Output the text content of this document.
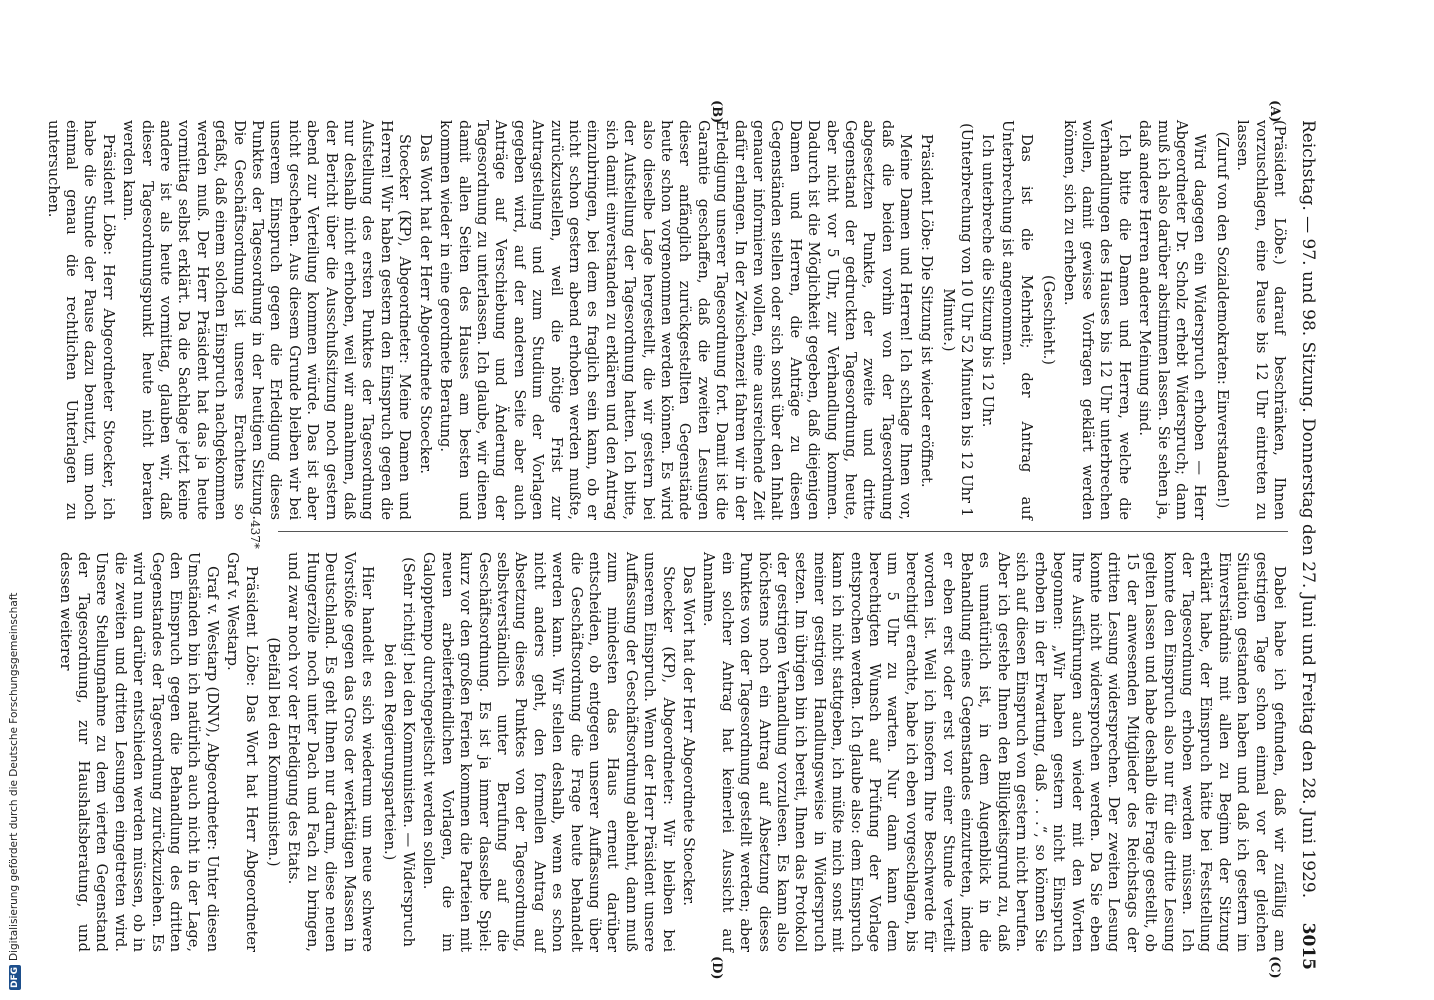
DFGDigitalisierung gefördert durch die Deutsche Forschungsgemeinschaft	Reichstag. — 97. und 98. Sitzung. Donnerstag den 27. Juni und Freitag den 28. Juni 1929.
3015

(Präsident Löbe.) darauf beschränken, Ihnen vorzuschlagen, eine Pause bis 12 Uhr eintreten zu lassen.

(Zuruf von den Sozialdemokraten: Einverstanden!)

Wird dagegen ein Widerspruch erhoben — Herr Abgeordneter Dr. Scholz erhebt Widerspruch; dann muß ich also darüber abstimmen lassen. Sie sehen ja, daß andere Herren anderer Meinung sind.

Ich bitte die Damen und Herren, welche die Verhandlungen des Hauses bis 12 Uhr unterbrechen wollen, damit gewisse Vorfragen geklärt werden können, sich zu erheben.

(Geschieht.)

Das ist die Mehrheit; der Antrag auf Unterbrechung ist angenommen.

Ich unterbreche die Sitzung bis 12 Uhr.

(Unterbrechung von 10 Uhr 52 Minuten bis 12 Uhr 1 Minute.)

Präsident Löbe: Die Sitzung ist wieder eröffnet.

Meine Damen und Herren! Ich schlage Ihnen vor, daß die beiden vorhin von der Tagesordnung abgesetzten Punkte, der zweite und dritte Gegenstand der gedruckten Tagesordnung, heute, aber nicht vor 5 Uhr, zur Verhandlung kommen. Dadurch ist die Möglichkeit gegeben, daß diejenigen Damen und Herren, die Anträge zu diesen Gegenständen stellen oder sich sonst über den Inhalt genauer informieren wollen, eine ausreichende Zeit dafür erlangen. In der Zwischenzeit fahren wir in der Erledigung unserer Tagesordnung fort. Damit ist die Garantie geschaffen, daß die zweiten Lesungen dieser anfänglich zurückgestellten Gegenstände heute schon vorgenommen werden können. Es wird also dieselbe Lage hergestellt, die wir gestern bei der Aufstellung der Tagesordnung hatten. Ich bitte, sich damit einverstanden zu erklären und den Antrag einzubringen, bei dem es fraglich sein kann, ob er nicht schon gestern abend erhoben werden mußte, zurückzustellen, weil die nötige Frist zur Antragstellung und zum Studium der Vorlagen gegeben wird, auf der anderen Seite aber auch Anträge auf Verschiebung und Änderung der Tagesordnung zu unterlassen. Ich glaube, wir dienen damit allen Seiten des Hauses am besten und kommen wieder in eine geordnete Beratung.

Das Wort hat der Herr Abgeordnete Stoecker.

Stoecker (KP), Abgeordneter: Meine Damen und Herren! Wir haben gestern den Einspruch gegen die Aufstellung des ersten Punktes der Tagesordnung nur deshalb nicht erhoben, weil wir annahmen, daß der Bericht über die Ausschußsitzung noch gestern abend zur Verteilung kommen würde. Das ist aber nicht geschehen. Aus diesem Grunde bleiben wir bei unserem Einspruch gegen die Erledigung dieses Punktes der Tagesordnung in der heutigen Sitzung. Die Geschäftsordnung ist unseres Erachtens so gefaßt, daß einem solchen Einspruch nachgekommen werden muß. Der Herr Präsident hat das ja heute vormittag selbst erklärt. Da die Sachlage jetzt keine andere ist als heute vormittag, glauben wir, daß dieser Tagesordnungspunkt heute nicht beraten werden kann.

Präsident Löbe: Herr Abgeordneter Stoecker, ich habe die Stunde der Pause dazu benutzt, um noch einmal genau die rechtlichen Unterlagen zu untersuchen.

Dabei habe ich gefunden, daß wir zufällig am gestrigen Tage schon einmal vor der gleichen Situation gestanden haben und daß ich gestern im Einverständnis mit allen zu Beginn der Sitzung erklärt habe, der Einspruch hätte bei Feststellung der Tagesordnung erhoben werden müssen. Ich konnte den Einspruch also nur für die dritte Lesung gelten lassen und habe deshalb die Frage gestellt, ob 15 der anwesenden Mitglieder des Reichstags der dritten Lesung widersprechen. Der zweiten Lesung konnte nicht widersprochen werden. Da Sie eben Ihre Ausführungen auch wieder mit den Worten begonnen: „Wir haben gestern nicht Einspruch erhoben in der Erwartung, daß . . .“, so können Sie sich auf diesen Einspruch von gestern nicht berufen. Aber ich gestehe Ihnen den Billigkeitsgrund zu, daß es unnatürlich ist, in dem Augenblick in die Behandlung eines Gegenstandes einzutreten, indem er eben erst oder erst vor einer Stunde verteilt worden ist. Weil ich insofern Ihre Beschwerde für berechtigt erachte, habe ich eben vorgeschlagen, bis um 5 Uhr zu warten. Nur dann kann dem berechtigten Wunsch auf Prüfung der Vorlage entsprochen werden. Ich glaube also: dem Einspruch kann ich nicht stattgeben, ich müßte mich sonst mit meiner gestrigen Handlungsweise in Widerspruch setzen. Im übrigen bin ich bereit, Ihnen das Protokoll der gestrigen Verhandlung vorzulesen. Es kann also höchstens noch ein Antrag auf Absetzung dieses Punktes von der Tagesordnung gestellt werden; aber ein solcher Antrag hat keinerlei Aussicht auf Annahme.

Das Wort hat der Herr Abgeordnete Stoecker.

Stoecker (KP), Abgeordneter: Wir bleiben bei unserem Einspruch. Wenn der Herr Präsident unsere Auffassung der Geschäftsordnung ablehnt, dann muß zum mindesten das Haus erneut darüber entscheiden, ob entgegen unserer Auffassung über die Geschäftsordnung die Frage heute behandelt werden kann. Wir stellen deshalb, wenn es schon nicht anders geht, den formellen Antrag auf Absetzung dieses Punktes von der Tagesordnung, selbstverständlich unter Berufung auf die Geschäftsordnung. Es ist ja immer dasselbe Spiel: kurz vor den großen Ferien kommen die Parteien mit neuen arbeiterfeindlichen Vorlagen, die im Galopptempo durchgepeitscht werden sollen.

(Sehr richtig! bei den Kommunisten. — Widerspruch bei den Regierungsparteien.)

Hier handelt es sich wiederum um neue schwere Vorstöße gegen das Gros der werktätigen Massen in Deutschland. Es geht Ihnen nur darum, diese neuen Hungerzölle noch unter Dach und Fach zu bringen, und zwar noch vor der Erledigung des Etats.

(Beifall bei den Kommunisten.)

Präsident Löbe: Das Wort hat Herr Abgeordneter Graf v. Westarp.

Graf v. Westarp (DNV), Abgeordneter: Unter diesen Umständen bin ich natürlich auch nicht in der Lage, den Einspruch gegen die Behandlung des dritten Gegenstandes der Tagesordnung zurückzuziehen. Es wird nun darüber entschieden werden müssen, ob in die zweiten und dritten Lesungen eingetreten wird. Unsere Stellungnahme zu dem vierten Gegenstand der Tagesordnung, zur Haushaltsberatung, und dessen weiterer

(A)
(B)
(C)
(D)
437*
